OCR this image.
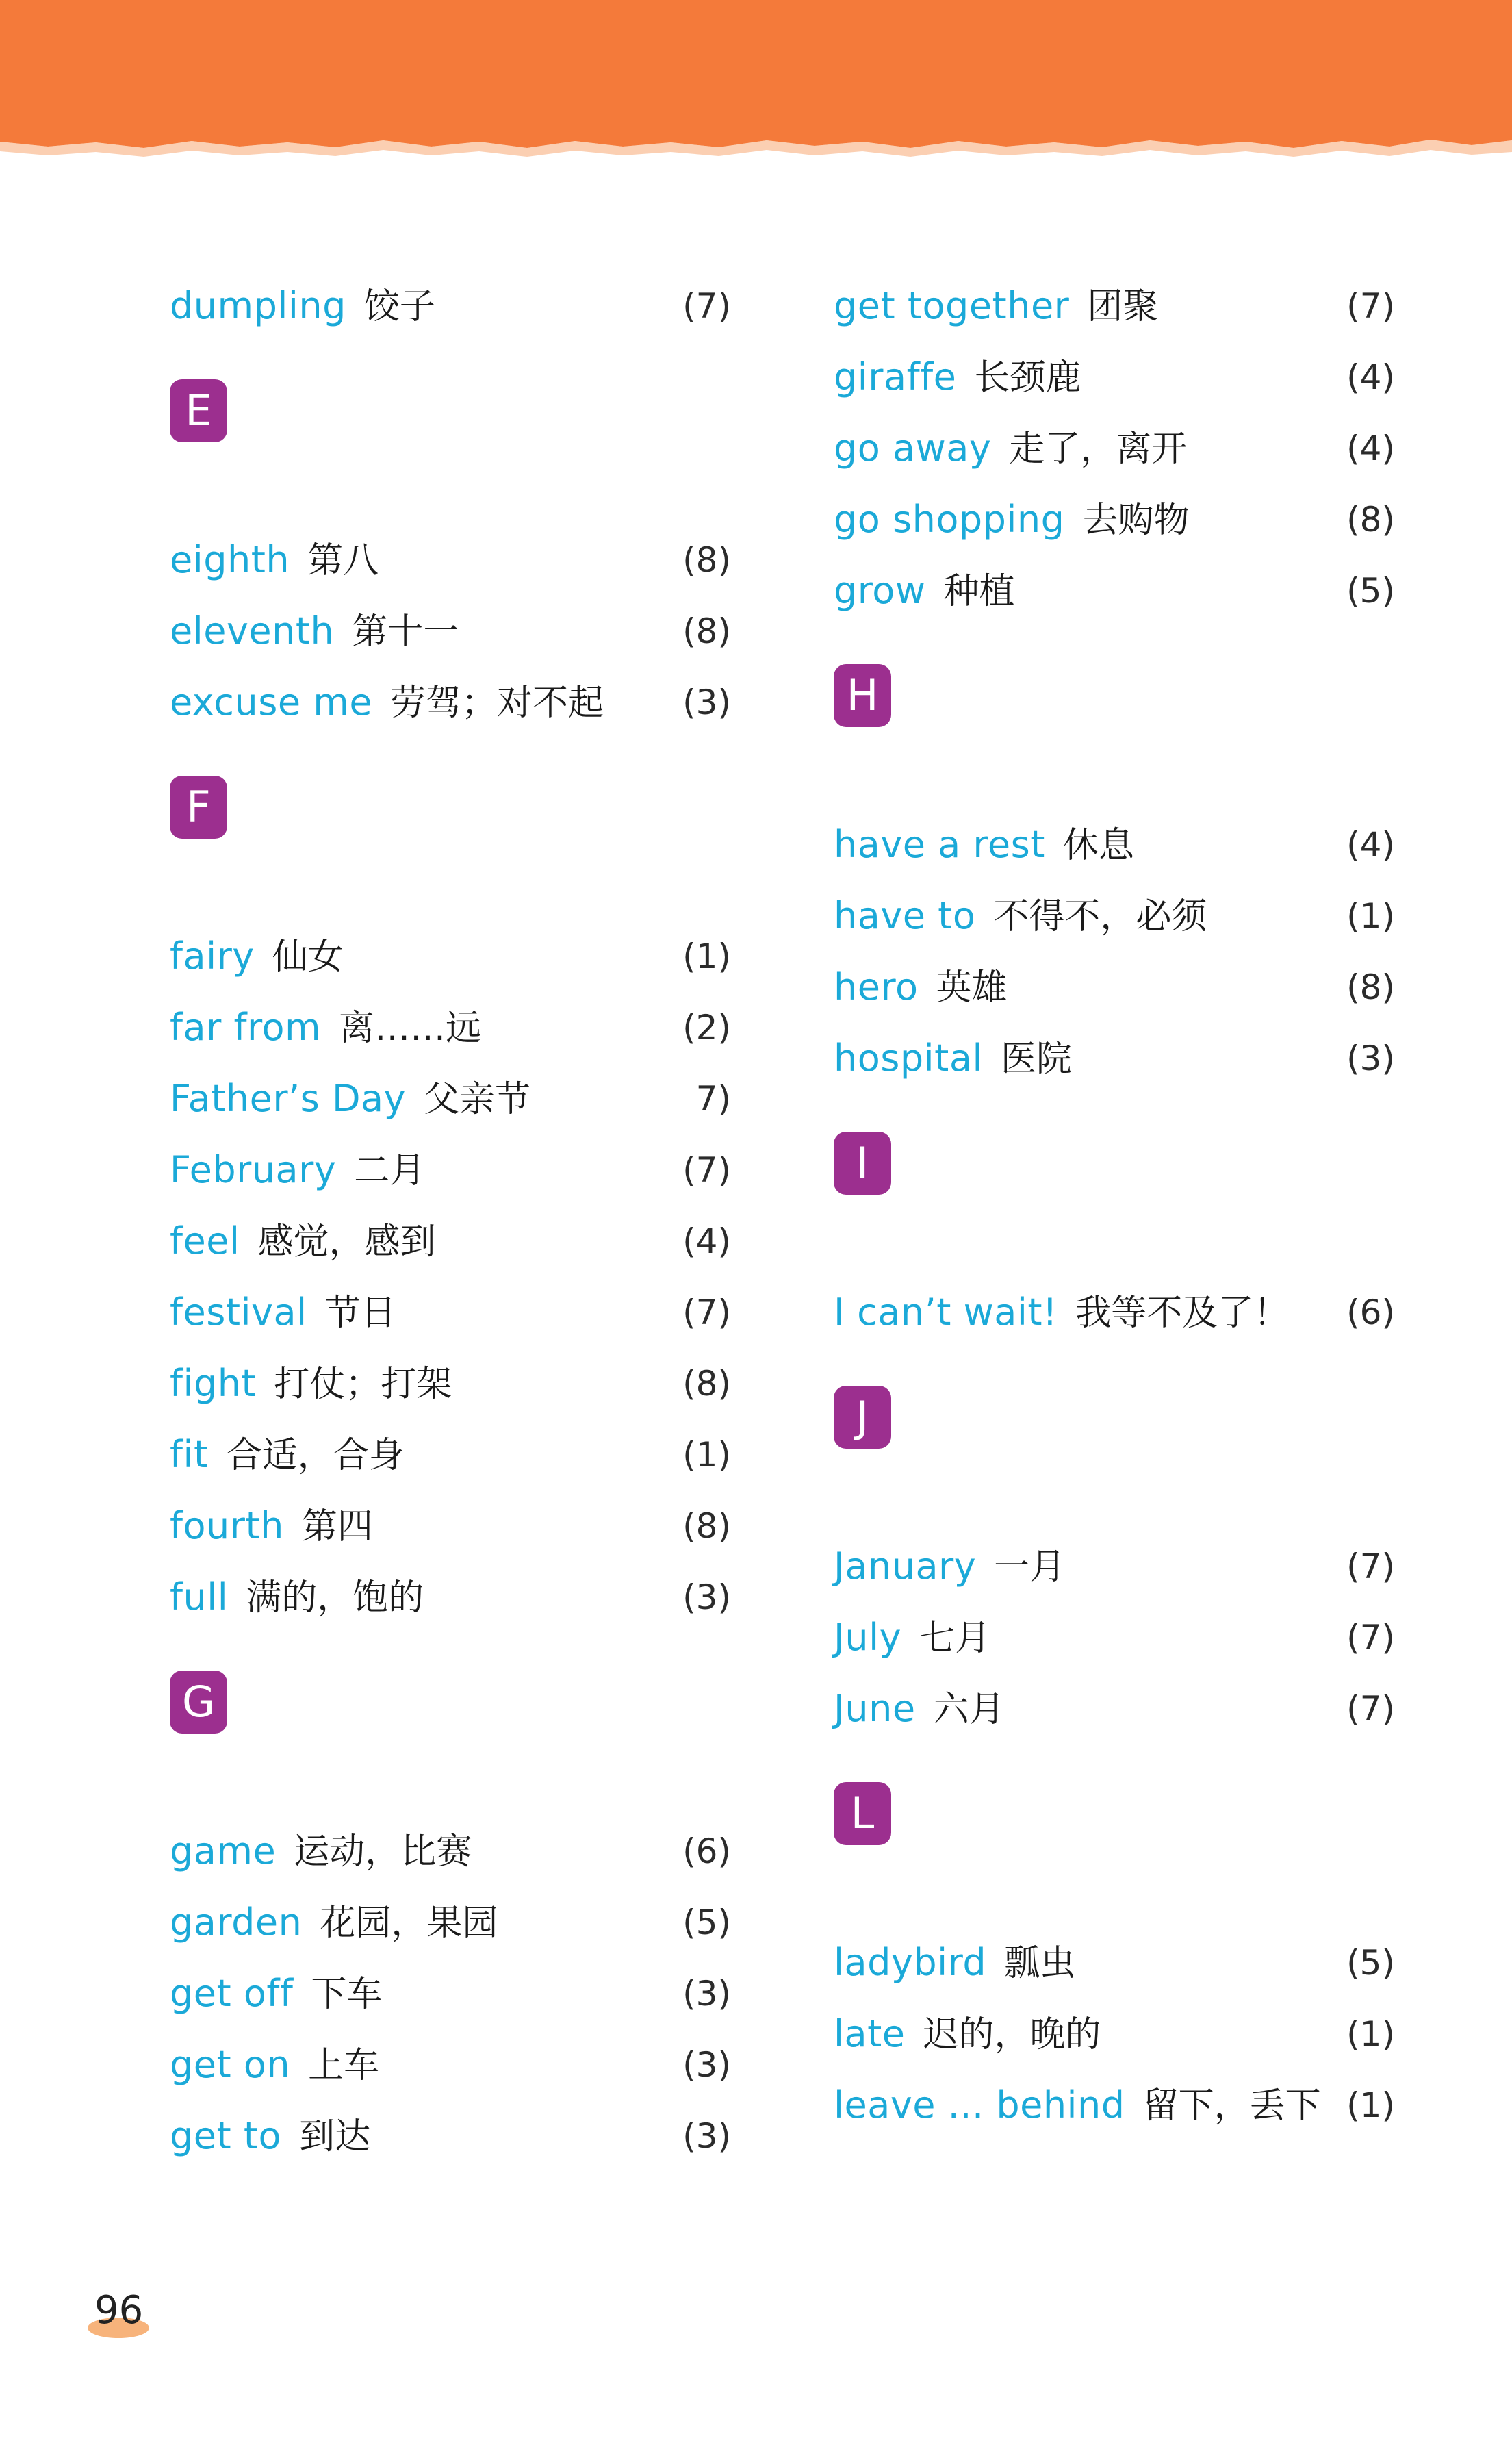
dumpling 饺子	(7)
E
eighth 第八	(8)
eleventh 第十一	(8)
excuse me 劳驾；对不起 (3)
F
fairy 仙女	(1)
far from 离……远	(2)
Father’s Day 父亲节	7)
February 二月	(7)
feel 感觉，感到	(4)
festival 节日	(7)
fight 打仗；打架	(8)
fit 合适，合身	(1)
fourth 第四	(8)
full 满的，饱的	(3)
G
game 运动，比赛	(6)
garden 花园，果园	(5)
get off 下车	(3)
get on 上车	(3)
get to 到达	(3)
get together 团聚	(7)
giraffe 长颈鹿	(4)
go away 走了，离开	(4)
go shopping 去购物	(8)
grow 种植	(5)
H
have a rest 休息	(4)
have to 不得不，必须	(1)
hero 英雄	(8)
hospital 医院	(3)
I
I can’t wait! 我等不及了！ (6)
J
January 一月	(7)
July 七月	(7)
June 六月	(7)
L
ladybird 瓢虫	(5)
late 迟的，晚的	(1)
leave ... behind 留下，丢下 (1)
96
